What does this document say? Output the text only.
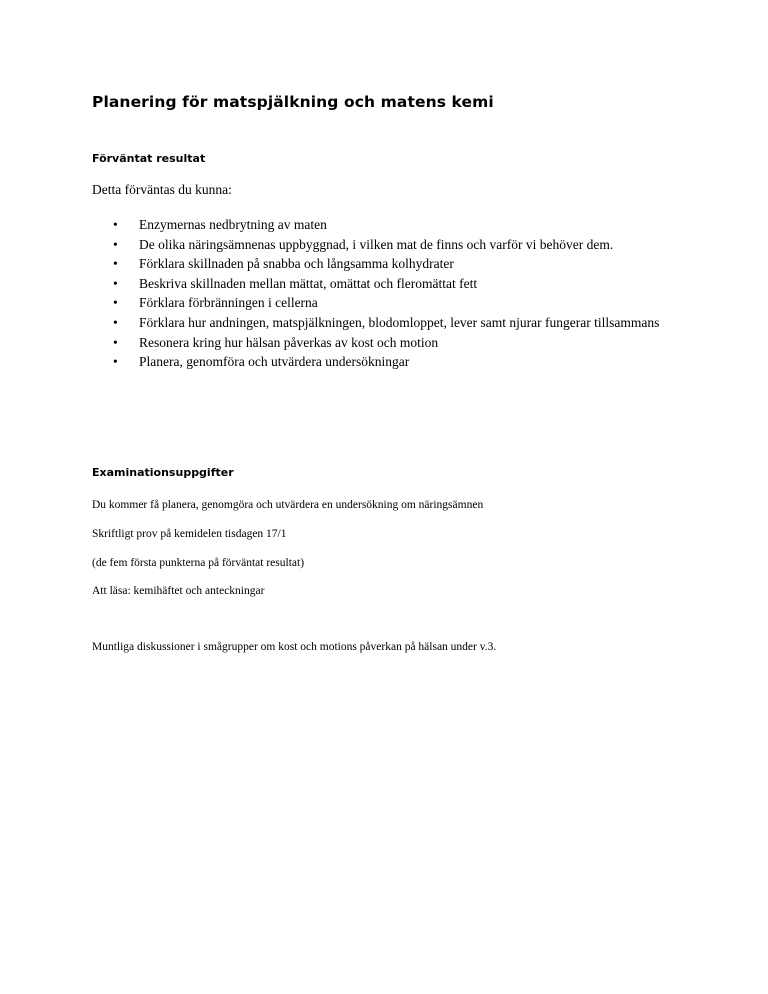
Planering för matspjälkning och matens kemi
Förväntat resultat

Detta förväntas du kunna:

• Enzymernas nedbrytning av maten
• De olika näringsämnenas uppbyggnad, i vilken mat de finns och varför vi behöver dem.
• Förklara skillnaden på snabba och långsamma kolhydrater
• Beskriva skillnaden mellan mättat, omättat och fleromättat fett
• Förklara förbränningen i cellerna
• Förklara hur andningen, matspjälkningen, blodomloppet, lever samt njurar fungerar tillsammans
• Resonera kring hur hälsan påverkas av kost och motion
• Planera, genomföra och utvärdera undersökningar
Examinationsuppgifter

Du kommer få planera, genomgöra och utvärdera en undersökning om näringsämnen

Skriftligt prov på kemidelen tisdagen 17/1

(de fem första punkterna på förväntat resultat)

Att läsa: kemihäftet och anteckningar

Muntliga diskussioner i smågrupper om kost och motions påverkan på hälsan under v.3.
